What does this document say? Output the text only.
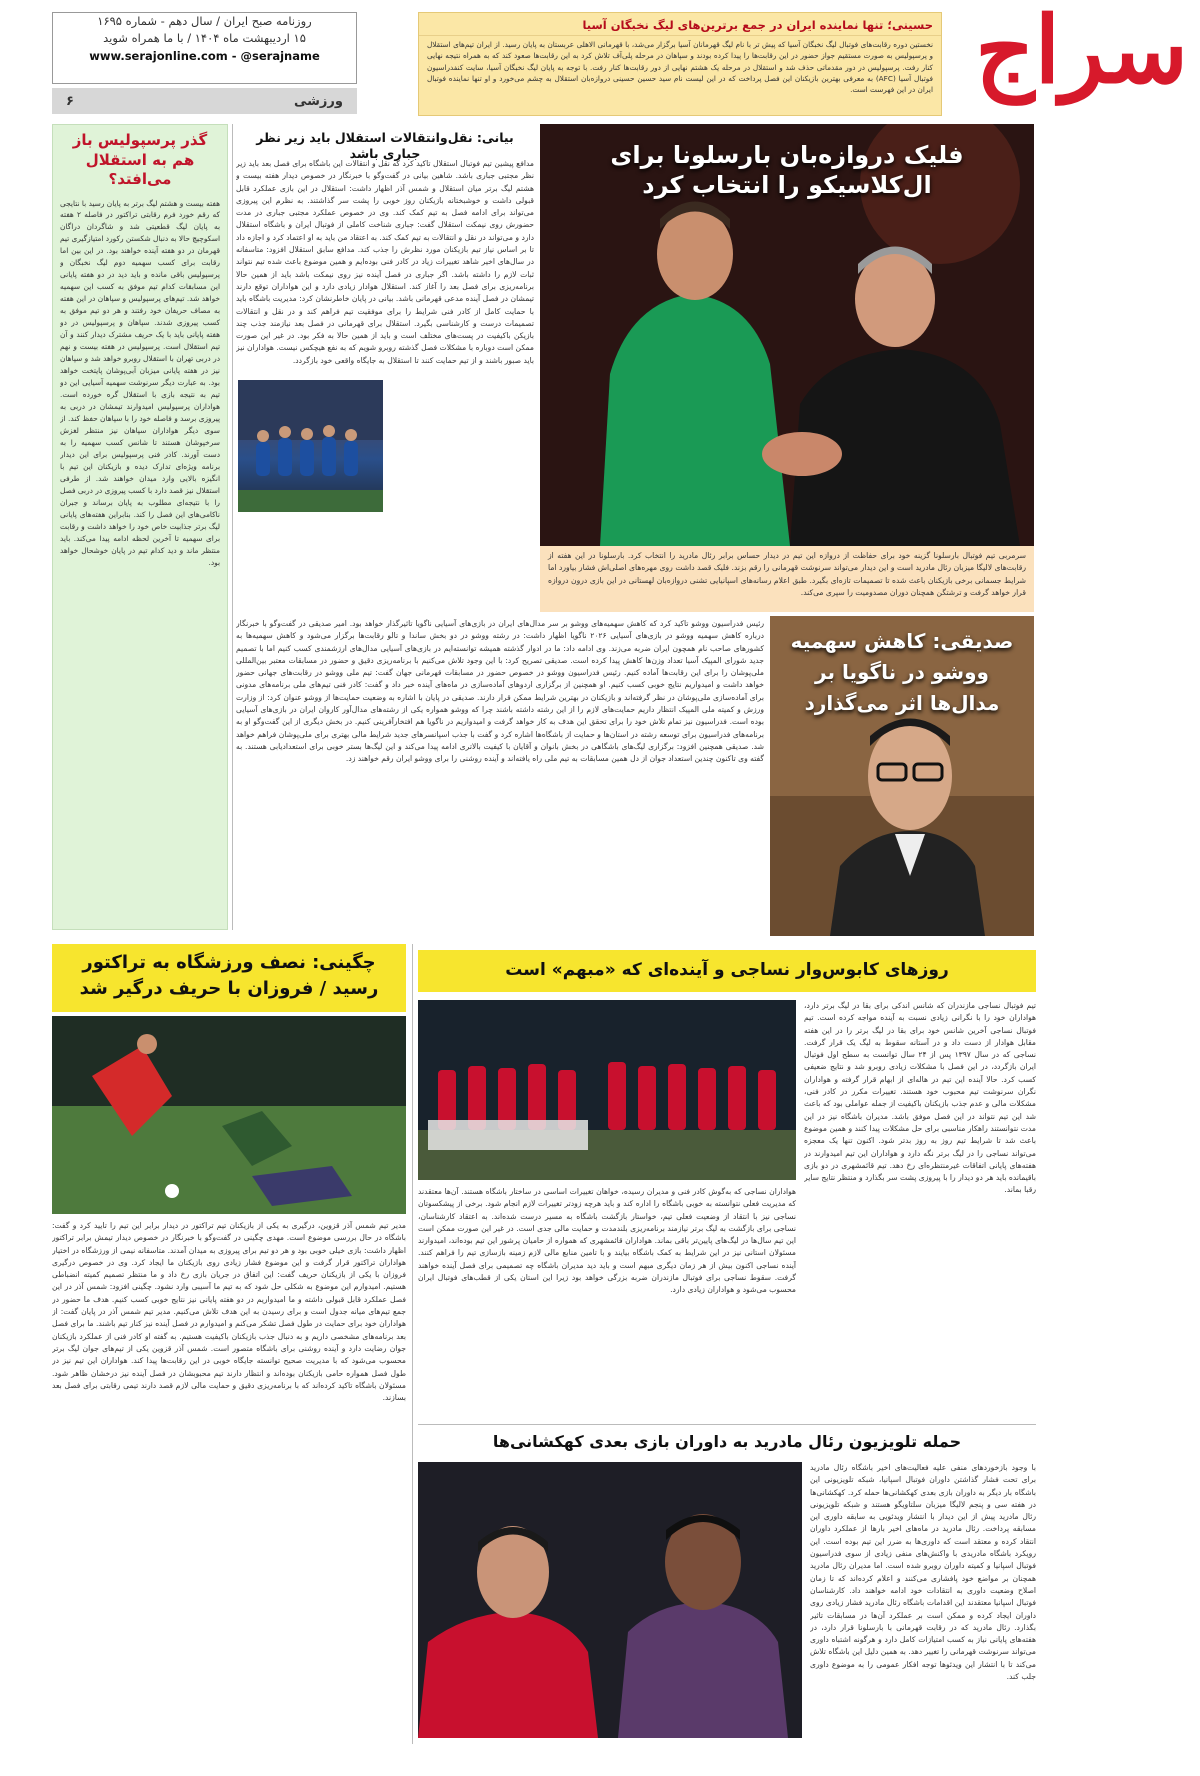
سراج
حسینی؛ تنها نماینده ایران در جمع برترین‌های لیگ نخبگان آسیا
نخستین دوره رقابت‌های فوتبال لیگ نخبگان آسیا که پیش تر با نام لیگ قهرمانان آسیا برگزار می‌شد، با قهرمانی الاهلی عربستان به پایان رسید. از ایران تیم‌های استقلال و پرسپولیس به صورت مستقیم جواز حضور در این رقابت‌ها را پیدا کرده بودند و سپاهان در مرحله پلی‌آف تلاش کرد به این رقابت‌ها صعود کند که به همراه نتیجه نهایی کنار رفت. پرسپولیس در دور مقدماتی حذف شد و استقلال در مرحله یک هشتم نهایی از دور رقابت‌ها کنار رفت. با توجه به پایان لیگ نخبگان آسیا، سایت کنفدراسیون فوتبال آسیا (AFC) به معرفی بهترین بازیکنان این فصل پرداخت که در این لیست نام سید حسین حسینی دروازه‌بان استقلال به چشم می‌خورد و او تنها نماینده فوتبال ایران در این فهرست است.
روزنامه صبح ایران / سال دهم - شماره ۱۶۹۵
۱۵ اردیبهشت ماه ۱۴۰۴ / با ما همراه شوید
www.serajonline.com - @serajname
ورزشی
۶
گذر پرسپولیس باز هم به استقلال می‌افتد؟
هفته بیست و هشتم لیگ برتر به پایان رسید با نتایجی که رقم خورد فرم رقابتی تراکتور در فاصله ۲ هفته به پایان لیگ قطعیتی شد و شاگردان دراگان اسکوچیچ حالا به دنبال شکستن رکورد امتیازگیری تیم قهرمان در دو هفته آینده خواهند بود. در این بین اما رقابت برای کسب سهمیه دوم لیگ نخبگان و پرسپولیس باقی مانده و باید دید در دو هفته پایانی این مسابقات کدام تیم موفق به کسب این سهمیه خواهد شد. تیم‌های پرسپولیس و سپاهان در این هفته به مصاف حریفان خود رفتند و هر دو تیم موفق به کسب پیروزی شدند. سپاهان و پرسپولیس در دو هفته پایانی باید با یک حریف مشترک دیدار کنند و آن تیم استقلال است. پرسپولیس در هفته بیست و نهم در دربی تهران با استقلال روبرو خواهد شد و سپاهان نیز در هفته پایانی میزبان آبی‌پوشان پایتخت خواهد بود. به عبارت دیگر سرنوشت سهمیه آسیایی این دو تیم به نتیجه بازی با استقلال گره خورده است. هواداران پرسپولیس امیدوارند تیمشان در دربی به پیروزی برسد و فاصله خود را با سپاهان حفظ کند. از سوی دیگر هواداران سپاهان نیز منتظر لغزش سرخپوشان هستند تا شانس کسب سهمیه را به دست آورند. کادر فنی پرسپولیس برای این دیدار برنامه ویژه‌ای تدارک دیده و بازیکنان این تیم با انگیزه بالایی وارد میدان خواهند شد. از طرفی استقلال نیز قصد دارد با کسب پیروزی در دربی فصل را با نتیجه‌ای مطلوب به پایان برساند و جبران ناکامی‌های این فصل را کند. بنابراین هفته‌های پایانی لیگ برتر جذابیت خاص خود را خواهد داشت و رقابت برای سهمیه تا آخرین لحظه ادامه پیدا می‌کند. باید منتظر ماند و دید کدام تیم در پایان خوشحال خواهد بود.
بیانی: نقل‌وانتقالات استقلال باید زیر نظر جباری باشد
مدافع پیشین تیم فوتبال استقلال تاکید کرد که نقل و انتقالات این باشگاه برای فصل بعد باید زیر نظر مجتبی جباری باشد. شاهین بیانی در گفت‌وگو با خبرنگار در خصوص دیدار هفته بیست و هشتم لیگ برتر میان استقلال و شمس آذر اظهار داشت: استقلال در این بازی عملکرد قابل قبولی داشت و خوشبختانه بازیکنان روز خوبی را پشت سر گذاشتند. به نظرم این پیروزی می‌تواند برای ادامه فصل به تیم کمک کند. وی در خصوص عملکرد مجتبی جباری در مدت حضورش روی نیمکت استقلال گفت: جباری شناخت کاملی از فوتبال ایران و باشگاه استقلال دارد و می‌تواند در نقل و انتقالات به تیم کمک کند. به اعتقاد من باید به او اعتماد کرد و اجازه داد تا بر اساس نیاز تیم بازیکنان مورد نظرش را جذب کند. مدافع سابق استقلال افزود: متاسفانه در سال‌های اخیر شاهد تغییرات زیاد در کادر فنی بوده‌ایم و همین موضوع باعث شده تیم نتواند ثبات لازم را داشته باشد. اگر جباری در فصل آینده نیز روی نیمکت باشد باید از همین حالا برنامه‌ریزی برای فصل بعد را آغاز کند. استقلال هوادار زیادی دارد و این هواداران توقع دارند تیمشان در فصل آینده مدعی قهرمانی باشد. بیانی در پایان خاطرنشان کرد: مدیریت باشگاه باید با حمایت کامل از کادر فنی شرایط را برای موفقیت تیم فراهم کند و در نقل و انتقالات تصمیمات درست و کارشناسی بگیرد. استقلال برای قهرمانی در فصل بعد نیازمند جذب چند بازیکن باکیفیت در پست‌های مختلف است و باید از همین حالا به فکر بود. در غیر این صورت ممکن است دوباره با مشکلات فصل گذشته روبرو شویم که به نفع هیچکس نیست. هواداران نیز باید صبور باشند و از تیم حمایت کنند تا استقلال به جایگاه واقعی خود بازگردد.
فلیک دروازه‌بان بارسلونا برای ال‌کلاسیکو را انتخاب کرد
سرمربی تیم فوتبال بارسلونا گزینه خود برای حفاظت از دروازه این تیم در دیدار حساس برابر رئال مادرید را انتخاب کرد. بارسلونا در این هفته از رقابت‌های لالیگا میزبان رئال مادرید است و این دیدار می‌تواند سرنوشت قهرمانی را رقم بزند. فلیک قصد داشت روی مهره‌های اصلی‌اش فشار بیاورد اما شرایط جسمانی برخی بازیکنان باعث شده تا تصمیمات تازه‌ای بگیرد. طبق اعلام رسانه‌های اسپانیایی تشنی دروازه‌بان لهستانی در این بازی درون دروازه قرار خواهد گرفت و ترشتگن همچنان دوران مصدومیت را سپری می‌کند.
صدیقی: کاهش سهمیه ووشو در ناگویا بر مدال‌ها اثر می‌گذارد
رئیس فدراسیون ووشو تاکید کرد که کاهش سهمیه‌های ووشو بر سر مدال‌های ایران در بازی‌های آسیایی ناگویا تاثیرگذار خواهد بود. امیر صدیقی در گفت‌وگو با خبرنگار درباره کاهش سهمیه ووشو در بازی‌های آسیایی ۲۰۲۶ ناگویا اظهار داشت: در رشته ووشو در دو بخش ساندا و تالو رقابت‌ها برگزار می‌شود و کاهش سهمیه‌ها به کشورهای صاحب نام همچون ایران ضربه می‌زند. وی ادامه داد: ما در ادوار گذشته همیشه توانسته‌ایم در بازی‌های آسیایی مدال‌های ارزشمندی کسب کنیم اما با تصمیم جدید شورای المپیک آسیا تعداد وزن‌ها کاهش پیدا کرده است. صدیقی تصریح کرد: با این وجود تلاش می‌کنیم با برنامه‌ریزی دقیق و حضور در مسابقات معتبر بین‌المللی ملی‌پوشان را برای این رقابت‌ها آماده کنیم. رئیس فدراسیون ووشو در خصوص حضور در مسابقات قهرمانی جهان گفت: تیم ملی ووشو در رقابت‌های جهانی حضور خواهد داشت و امیدواریم نتایج خوبی کسب کنیم. او همچنین از برگزاری اردوهای آماده‌سازی در ماه‌های آینده خبر داد و گفت: کادر فنی تیم‌های ملی برنامه‌های مدونی برای آماده‌سازی ملی‌پوشان در نظر گرفته‌اند و بازیکنان در بهترین شرایط ممکن قرار دارند. صدیقی در پایان با اشاره به وضعیت حمایت‌ها از ووشو عنوان کرد: از وزارت ورزش و کمیته ملی المپیک انتظار داریم حمایت‌های لازم را از این رشته داشته باشند چرا که ووشو همواره یکی از رشته‌های مدال‌آور کاروان ایران در بازی‌های آسیایی بوده است. فدراسیون نیز تمام تلاش خود را برای تحقق این هدف به کار خواهد گرفت و امیدواریم در ناگویا هم افتخارآفرینی کنیم. در بخش دیگری از این گفت‌وگو او به برنامه‌های فدراسیون برای توسعه رشته در استان‌ها و حمایت از باشگاه‌ها اشاره کرد و گفت با جذب اسپانسرهای جدید شرایط مالی بهتری برای ملی‌پوشان فراهم خواهد شد. صدیقی همچنین افزود: برگزاری لیگ‌های باشگاهی در بخش بانوان و آقایان با کیفیت بالاتری ادامه پیدا می‌کند و این لیگ‌ها بستر خوبی برای استعدادیابی هستند. به گفته وی تاکنون چندین استعداد جوان از دل همین مسابقات به تیم ملی راه یافته‌اند و آینده روشنی را برای ووشو ایران رقم خواهند زد.
چگینی: نصف ورزشگاه به تراکتور رسید / فروزان با حریف درگیر شد
مدیر تیم شمس آذر قزوین، درگیری به یکی از بازیکنان تیم تراکتور در دیدار برابر این تیم را تایید کرد و گفت: باشگاه در حال بررسی موضوع است. مهدی چگینی در گفت‌وگو با خبرنگار در خصوص دیدار تیمش برابر تراکتور اظهار داشت: بازی خیلی خوبی بود و هر دو تیم برای پیروزی به میدان آمدند. متاسفانه نیمی از ورزشگاه در اختیار هواداران تراکتور قرار گرفت و این موضوع فشار زیادی روی بازیکنان ما ایجاد کرد. وی در خصوص درگیری فروزان با یکی از بازیکنان حریف گفت: این اتفاق در جریان بازی رخ داد و ما منتظر تصمیم کمیته انضباطی هستیم. امیدوارم این موضوع به شکلی حل شود که به تیم ما آسیبی وارد نشود. چگینی افزود: شمس آذر در این فصل عملکرد قابل قبولی داشته و ما امیدواریم در دو هفته پایانی نیز نتایج خوبی کسب کنیم. هدف ما حضور در جمع تیم‌های میانه جدول است و برای رسیدن به این هدف تلاش می‌کنیم. مدیر تیم شمس آذر در پایان گفت: از هواداران خود برای حمایت در طول فصل تشکر می‌کنم و امیدوارم در فصل آینده نیز کنار تیم باشند. ما برای فصل بعد برنامه‌های مشخصی داریم و به دنبال جذب بازیکنان باکیفیت هستیم. به گفته او کادر فنی از عملکرد بازیکنان جوان رضایت دارد و آینده روشنی برای باشگاه متصور است. شمس آذر قزوین یکی از تیم‌های جوان لیگ برتر محسوب می‌شود که با مدیریت صحیح توانسته جایگاه خوبی در این رقابت‌ها پیدا کند. هواداران این تیم نیز در طول فصل همواره حامی بازیکنان بوده‌اند و انتظار دارند تیم محبوبشان در فصل آینده نیز درخشان ظاهر شود. مسئولان باشگاه تاکید کرده‌اند که با برنامه‌ریزی دقیق و حمایت مالی لازم قصد دارند تیمی رقابتی برای فصل بعد بسازند.
روزهای کابوس‌وار نساجی و آینده‌ای که «مبهم» است
تیم فوتبال نساجی مازندران که شانس اندکی برای بقا در لیگ برتر دارد، هواداران خود را با نگرانی زیادی نسبت به آینده مواجه کرده است. تیم فوتبال نساجی آخرین شانس خود برای بقا در لیگ برتر را در این هفته مقابل هوادار از دست داد و در آستانه سقوط به لیگ یک قرار گرفت. نساجی که در سال ۱۳۹۷ پس از ۲۴ سال توانست به سطح اول فوتبال ایران بازگردد، در این فصل با مشکلات زیادی روبرو شد و نتایج ضعیفی کسب کرد. حالا آینده این تیم در هاله‌ای از ابهام قرار گرفته و هواداران نگران سرنوشت تیم محبوب خود هستند. تغییرات مکرر در کادر فنی، مشکلات مالی و عدم جذب بازیکنان باکیفیت از جمله عواملی بود که باعث شد این تیم نتواند در این فصل موفق باشد. مدیران باشگاه نیز در این مدت نتوانستند راهکار مناسبی برای حل مشکلات پیدا کنند و همین موضوع باعث شد تا شرایط تیم روز به روز بدتر شود. اکنون تنها یک معجزه می‌تواند نساجی را در لیگ برتر نگه دارد و هواداران این تیم امیدوارند در هفته‌های پایانی اتفاقات غیرمنتظره‌ای رخ دهد. تیم قائمشهری در دو بازی باقیمانده باید هر دو دیدار را با پیروزی پشت سر بگذارد و منتظر نتایج سایر رقبا بماند.
هواداران نساجی که به‌گوش کادر فنی و مدیران رسیده، خواهان تغییرات اساسی در ساختار باشگاه هستند. آن‌ها معتقدند که مدیریت فعلی نتوانسته به خوبی باشگاه را اداره کند و باید هرچه زودتر تغییرات لازم انجام شود. برخی از پیشکسوتان نساجی نیز با انتقاد از وضعیت فعلی تیم، خواستار بازگشت باشگاه به مسیر درست شده‌اند. به اعتقاد کارشناسان، نساجی برای بازگشت به لیگ برتر نیازمند برنامه‌ریزی بلندمدت و حمایت مالی جدی است. در غیر این صورت ممکن است این تیم سال‌ها در لیگ‌های پایین‌تر باقی بماند. هواداران قائمشهری که همواره از حامیان پرشور این تیم بوده‌اند، امیدوارند مسئولان استانی نیز در این شرایط به کمک باشگاه بیایند و با تامین منابع مالی لازم زمینه بازسازی تیم را فراهم کنند. آینده نساجی اکنون بیش از هر زمان دیگری مبهم است و باید دید مدیران باشگاه چه تصمیمی برای فصل آینده خواهند گرفت. سقوط نساجی برای فوتبال مازندران ضربه بزرگی خواهد بود زیرا این استان یکی از قطب‌های فوتبال ایران محسوب می‌شود و هواداران زیادی دارد.
حمله تلویزیون رئال مادرید به داوران بازی بعدی کهکشانی‌ها
با وجود بازخوردهای منفی علیه فعالیت‌های اخیر باشگاه رئال مادرید برای تحت فشار گذاشتن داوران فوتبال اسپانیا، شبکه تلویزیونی این باشگاه بار دیگر به داوران بازی بعدی کهکشانی‌ها حمله کرد. کهکشانی‌ها در هفته سی و پنجم لالیگا میزبان سلتاویگو هستند و شبکه تلویزیونی رئال مادرید پیش از این دیدار با انتشار ویدئویی به سابقه داوری این مسابقه پرداخت. رئال مادرید در ماه‌های اخیر بارها از عملکرد داوران انتقاد کرده و معتقد است که داوری‌ها به ضرر این تیم بوده است. این رویکرد باشگاه مادریدی با واکنش‌های منفی زیادی از سوی فدراسیون فوتبال اسپانیا و کمیته داوران روبرو شده است. اما مدیران رئال مادرید همچنان بر مواضع خود پافشاری می‌کنند و اعلام کرده‌اند که تا زمان اصلاح وضعیت داوری به انتقادات خود ادامه خواهند داد. کارشناسان فوتبال اسپانیا معتقدند این اقدامات باشگاه رئال مادرید فشار زیادی روی داوران ایجاد کرده و ممکن است بر عملکرد آن‌ها در مسابقات تاثیر بگذارد. رئال مادرید که در رقابت قهرمانی با بارسلونا قرار دارد، در هفته‌های پایانی نیاز به کسب امتیازات کامل دارد و هرگونه اشتباه داوری می‌تواند سرنوشت قهرمانی را تغییر دهد. به همین دلیل این باشگاه تلاش می‌کند تا با انتشار این ویدئوها توجه افکار عمومی را به موضوع داوری جلب کند.
